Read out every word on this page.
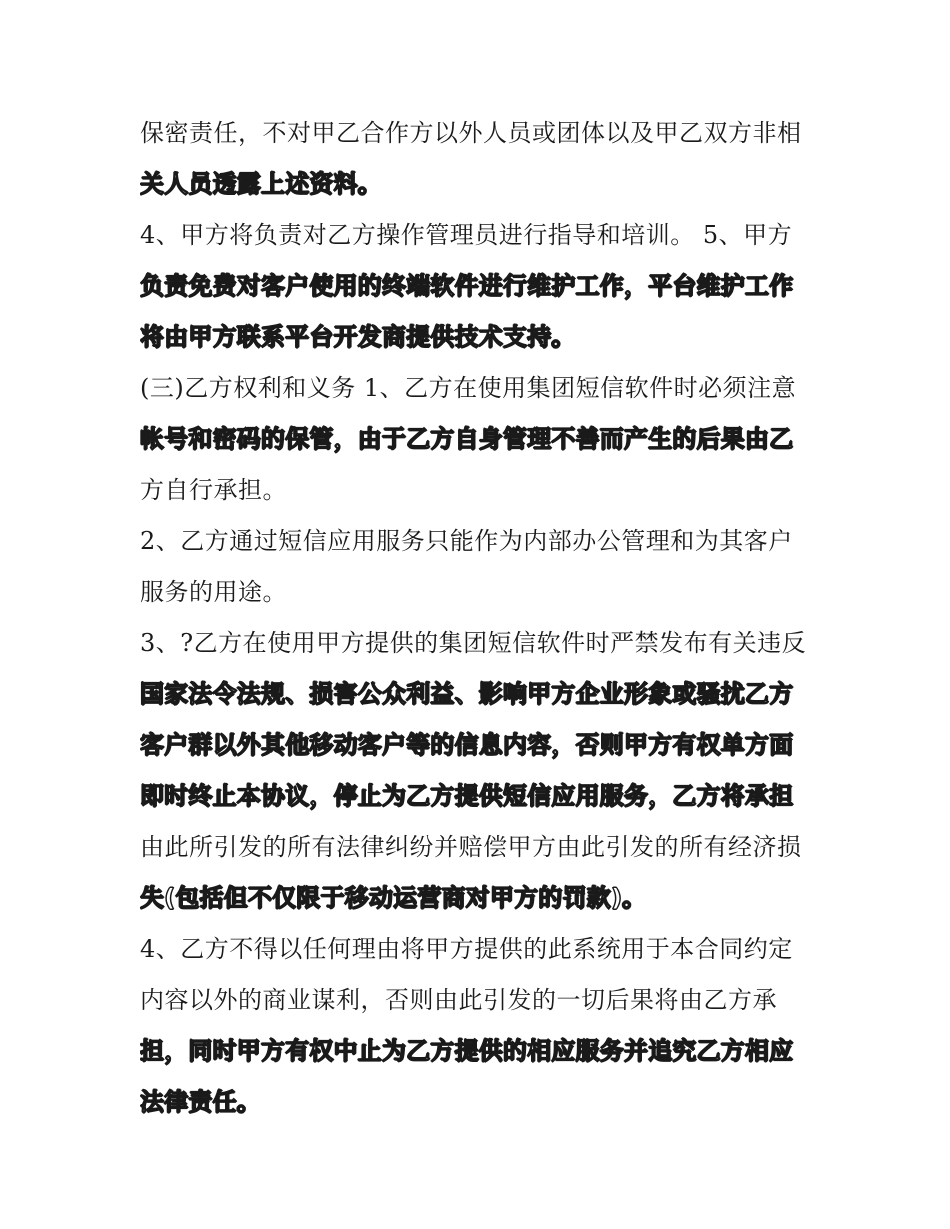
保密责任，不对甲乙合作方以外人员或团体以及甲乙双方非相
关人员透露上述资料。
4、甲方将负责对乙方操作管理员进行指导和培训。 5、甲方
负责免费对客户使用的终端软件进行维护工作，平台维护工作
将由甲方联系平台开发商提供技术支持。
(三)乙方权利和义务 1、乙方在使用集团短信软件时必须注意
帐号和密码的保管，由于乙方自身管理不善而产生的后果由乙
方自行承担。
2、乙方通过短信应用服务只能作为内部办公管理和为其客户
服务的用途。
3、?乙方在使用甲方提供的集团短信软件时严禁发布有关违反
国家法令法规、损害公众利益、影响甲方企业形象或骚扰乙方
客户群以外其他移动客户等的信息内容，否则甲方有权单方面
即时终止本协议，停止为乙方提供短信应用服务，乙方将承担
由此所引发的所有法律纠纷并赔偿甲方由此引发的所有经济损
失(包括但不仅限于移动运营商对甲方的罚款)。
4、乙方不得以任何理由将甲方提供的此系统用于本合同约定
内容以外的商业谋利，否则由此引发的一切后果将由乙方承
担，同时甲方有权中止为乙方提供的相应服务并追究乙方相应
法律责任。
